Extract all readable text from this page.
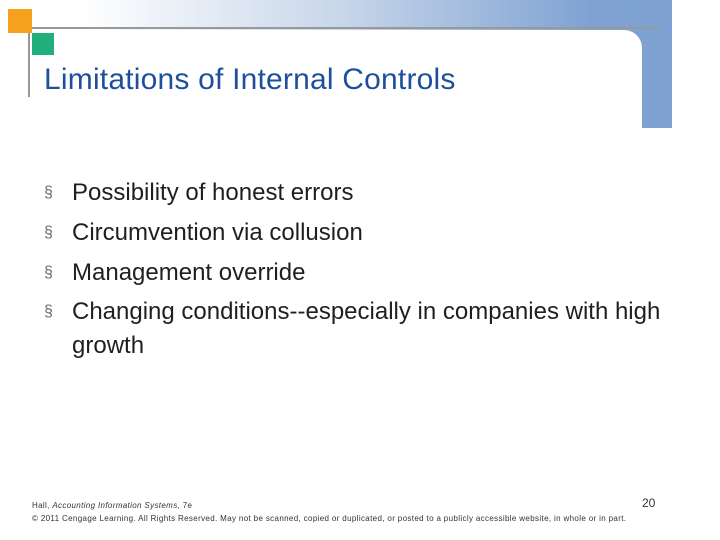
Limitations of Internal Controls
§ Possibility of honest errors
§ Circumvention via collusion
§ Management override
§ Changing conditions--especially in companies with high growth
Hall, Accounting Information Systems, 7e
© 2011 Cengage Learning. All Rights Reserved. May not be scanned, copied or duplicated, or posted to a publicly accessible website, in whole or in part.
20
